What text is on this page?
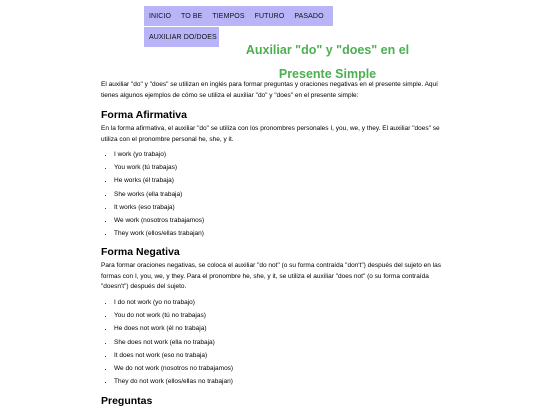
INICIO	TO BE	TIEMPOS	FUTURO	PASADO
AUXILIAR DO/DOES
Auxiliar "do" y "does" en el
Presente Simple

El auxiliar "do" y "does" se utilizan en inglés para formar preguntas y oraciones negativas en el presente simple. Aquí tienes algunos ejemplos de cómo se utiliza el auxiliar "do" y "does" en el presente simple:

Forma Afirmativa

En la forma afirmativa, el auxiliar "do" se utiliza con los pronombres personales I, you, we, y they. El auxiliar "does" se utiliza con el pronombre personal he, she, y it.

• I work (yo trabajo)
• You work (tú trabajas)
• He works (él trabaja)
• She works (ella trabaja)
• It works (eso trabaja)
• We work (nosotros trabajamos)
• They work (ellos/ellas trabajan)
Forma Negativa

Para formar oraciones negativas, se coloca el auxiliar "do not" (o su forma contraída "don't") después del sujeto en las formas con I, you, we, y they. Para el pronombre he, she, y it, se utiliza el auxiliar "does not" (o su forma contraída "doesn't") después del sujeto.

• I do not work (yo no trabajo)
• You do not work (tú no trabajas)
• He does not work (él no trabaja)
• She does not work (ella no trabaja)
• It does not work (eso no trabaja)
• We do not work (nosotros no trabajamos)
• They do not work (ellos/ellas no trabajan)
Preguntas
